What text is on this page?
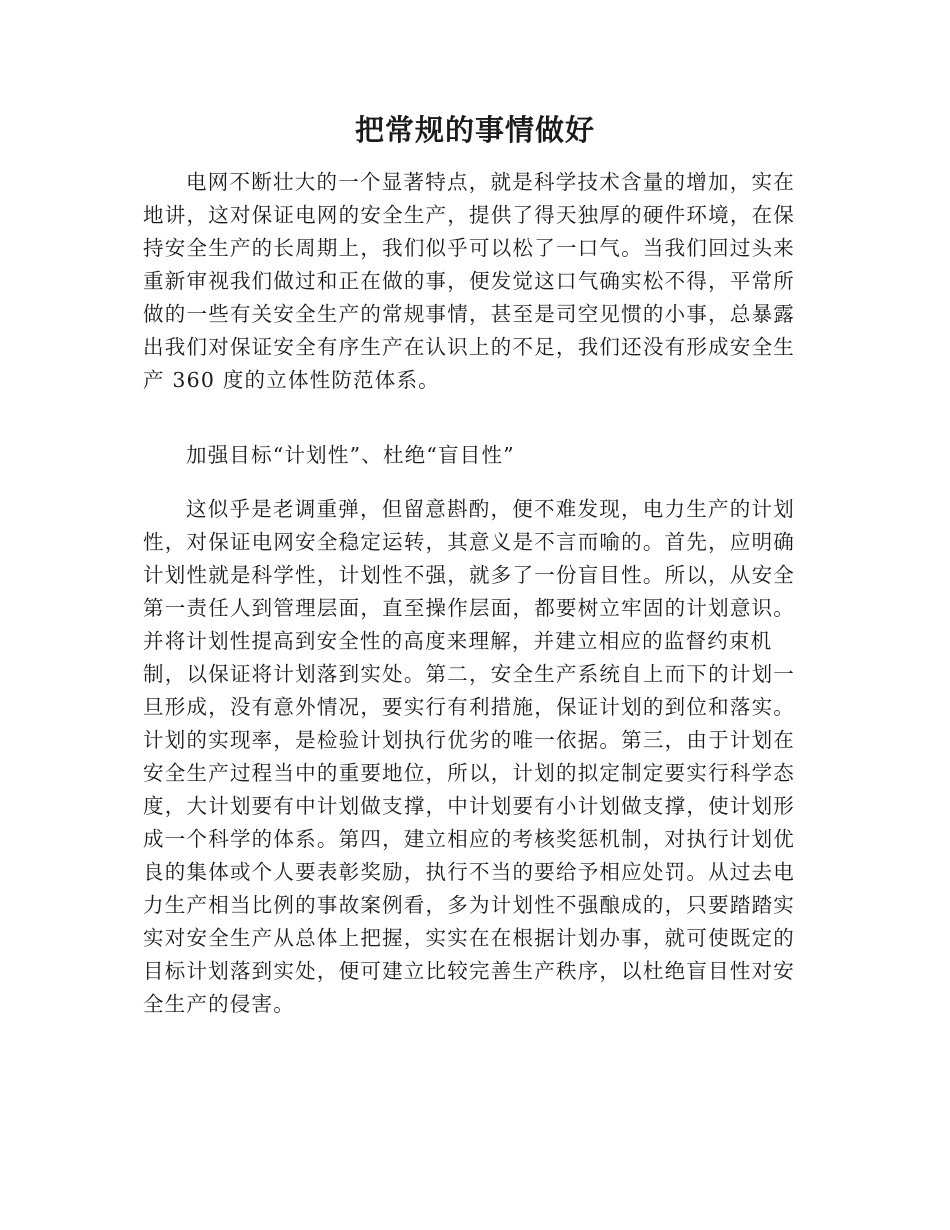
把常规的事情做好

电网不断壮大的一个显著特点，就是科学技术含量的增加，实在
地讲，这对保证电网的安全生产，提供了得天独厚的硬件环境，在保
持安全生产的长周期上，我们似乎可以松了一口气。当我们回过头来
重新审视我们做过和正在做的事，便发觉这口气确实松不得，平常所
做的一些有关安全生产的常规事情，甚至是司空见惯的小事，总暴露
出我们对保证安全有序生产在认识上的不足，我们还没有形成安全生
产 360 度的立体性防范体系。

加强目标“计划性”、杜绝“盲目性”

这似乎是老调重弹，但留意斟酌，便不难发现，电力生产的计划
性，对保证电网安全稳定运转，其意义是不言而喻的。首先，应明确
计划性就是科学性，计划性不强，就多了一份盲目性。所以，从安全
第一责任人到管理层面，直至操作层面，都要树立牢固的计划意识。
并将计划性提高到安全性的高度来理解，并建立相应的监督约束机
制，以保证将计划落到实处。第二，安全生产系统自上而下的计划一
旦形成，没有意外情况，要实行有利措施，保证计划的到位和落实。
计划的实现率，是检验计划执行优劣的唯一依据。第三，由于计划在
安全生产过程当中的重要地位，所以，计划的拟定制定要实行科学态
度，大计划要有中计划做支撑，中计划要有小计划做支撑，使计划形
成一个科学的体系。第四，建立相应的考核奖惩机制，对执行计划优
良的集体或个人要表彰奖励，执行不当的要给予相应处罚。从过去电
力生产相当比例的事故案例看，多为计划性不强酿成的，只要踏踏实
实对安全生产从总体上把握，实实在在根据计划办事，就可使既定的
目标计划落到实处，便可建立比较完善生产秩序，以杜绝盲目性对安
全生产的侵害。
